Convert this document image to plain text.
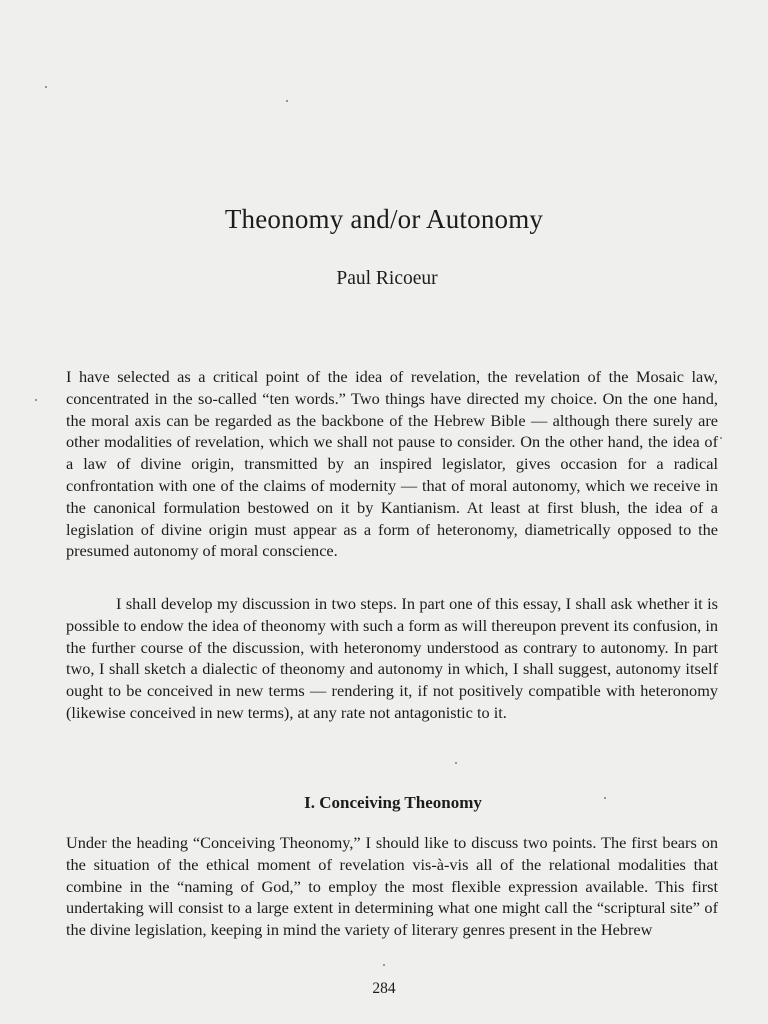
Theonomy and/or Autonomy
Paul Ricoeur

I have selected as a critical point of the idea of revelation, the revelation of the Mosaic law, concentrated in the so-called “ten words.” Two things have directed my choice. On the one hand, the moral axis can be regarded as the backbone of the Hebrew Bible — although there surely are other modalities of revelation, which we shall not pause to consider. On the other hand, the idea of a law of divine origin, transmitted by an inspired legislator, gives occasion for a radical confrontation with one of the claims of modernity — that of moral autonomy, which we receive in the canonical formulation bestowed on it by Kantianism. At least at first blush, the idea of a legislation of divine origin must appear as a form of heteronomy, diametrically opposed to the presumed autonomy of moral conscience.

I shall develop my discussion in two steps. In part one of this essay, I shall ask whether it is possible to endow the idea of theonomy with such a form as will thereupon prevent its confusion, in the further course of the discussion, with heteronomy understood as contrary to autonomy. In part two, I shall sketch a dialectic of theonomy and autonomy in which, I shall suggest, autonomy itself ought to be conceived in new terms — rendering it, if not positively compatible with heteronomy (likewise conceived in new terms), at any rate not antagonistic to it.

I. Conceiving Theonomy

Under the heading “Conceiving Theonomy,” I should like to discuss two points. The first bears on the situation of the ethical moment of revelation vis-à-vis all of the relational modalities that combine in the “naming of God,” to employ the most flexible expression available. This first undertaking will consist to a large extent in determining what one might call the “scriptural site” of the divine legislation, keeping in mind the variety of literary genres present in the Hebrew

284
